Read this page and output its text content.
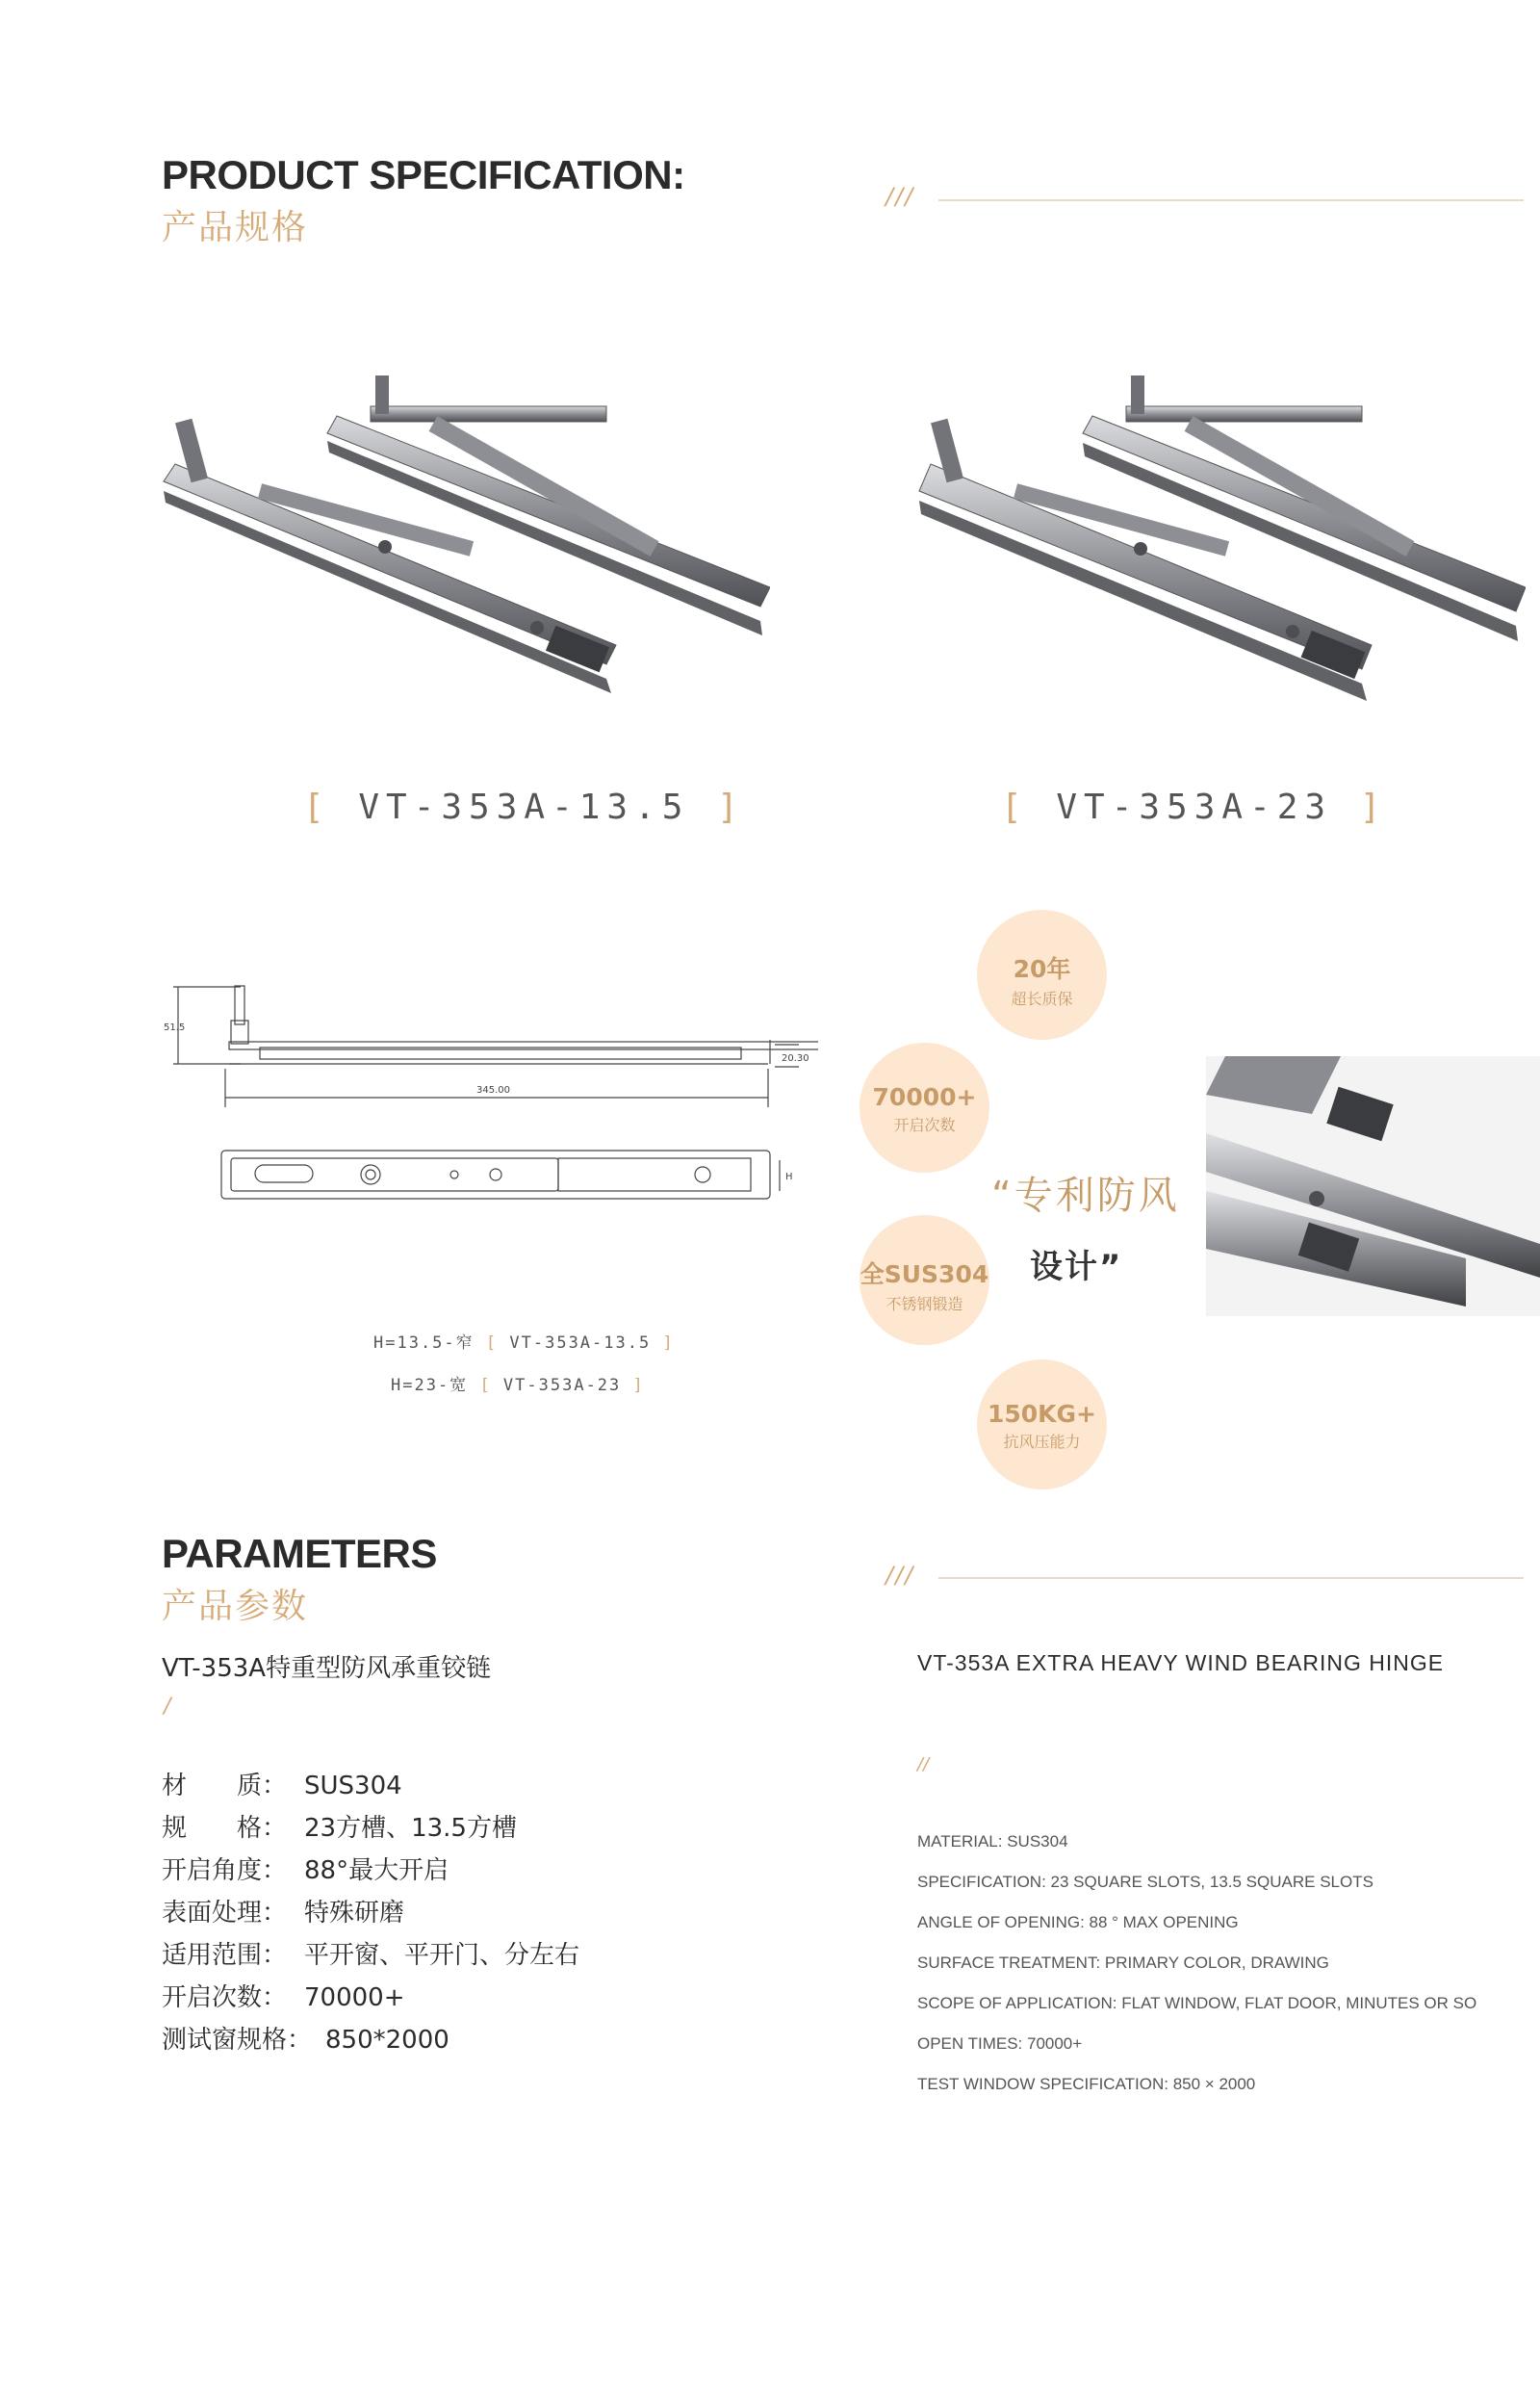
PRODUCT SPECIFICATION:
产品规格
///
[ VT-353A-13.5 ]	[ VT-353A-23 ]
51.5
345.00
20.30
H
H=13.5-窄 [ VT-353A-13.5 ]
H=23-宽 [ VT-353A-23 ]
20年
超长质保
70000+
开启次数
全SUS304
不锈钢锻造
150KG+
抗风压能力
“专利防风
设计”
PARAMETERS
产品参数
///
VT-353A特重型防风承重铰链	VT-353A EXTRA HEAVY WIND BEARING HINGE
/
//
材　　质： SUS304
规　　格： 23方槽、13.5方槽
开启角度： 88°最大开启
表面处理： 特殊研磨
适用范围： 平开窗、平开门、分左右
开启次数： 70000+
测试窗规格： 850*2000
MATERIAL: SUS304
SPECIFICATION: 23 SQUARE SLOTS, 13.5 SQUARE SLOTS
ANGLE OF OPENING: 88 ° MAX OPENING
SURFACE TREATMENT: PRIMARY COLOR, DRAWING
SCOPE OF APPLICATION: FLAT WINDOW, FLAT DOOR, MINUTES OR SO
OPEN TIMES: 70000+
TEST WINDOW SPECIFICATION: 850 × 2000
